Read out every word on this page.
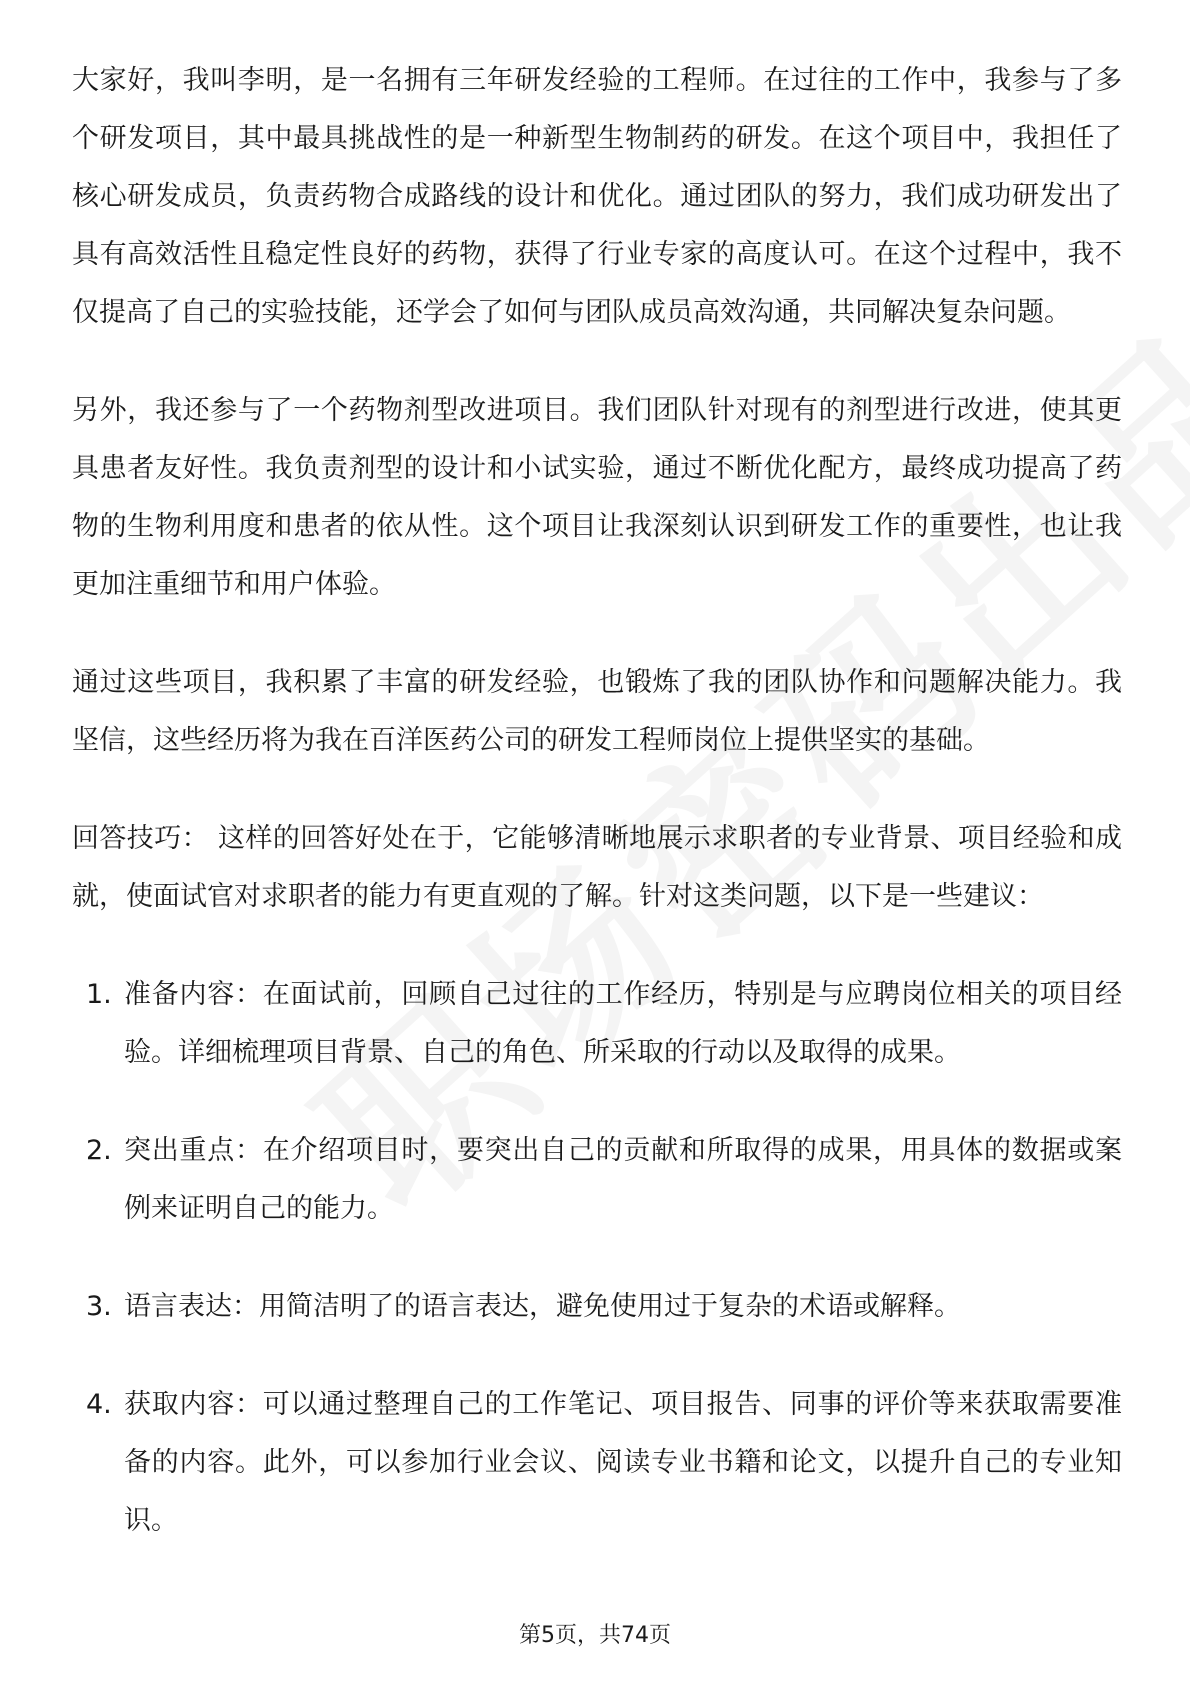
大家好，我叫李明，是一名拥有三年研发经验的工程师。在过往的工作中，我参与了多个研发项目，其中最具挑战性的是一种新型生物制药的研发。在这个项目中，我担任了核心研发成员，负责药物合成路线的设计和优化。通过团队的努力，我们成功研发出了具有高效活性且稳定性良好的药物，获得了行业专家的高度认可。在这个过程中，我不仅提高了自己的实验技能，还学会了如何与团队成员高效沟通，共同解决复杂问题。

另外，我还参与了一个药物剂型改进项目。我们团队针对现有的剂型进行改进，使其更具患者友好性。我负责剂型的设计和小试实验，通过不断优化配方，最终成功提高了药物的生物利用度和患者的依从性。这个项目让我深刻认识到研发工作的重要性，也让我更加注重细节和用户体验。

通过这些项目，我积累了丰富的研发经验，也锻炼了我的团队协作和问题解决能力。我坚信，这些经历将为我在百洋医药公司的研发工程师岗位上提供坚实的基础。

回答技巧： 这样的回答好处在于，它能够清晰地展示求职者的专业背景、项目经验和成就，使面试官对求职者的能力有更直观的了解。针对这类问题，以下是一些建议：

1. 准备内容：在面试前，回顾自己过往的工作经历，特别是与应聘岗位相关的项目经验。详细梳理项目背景、自己的角色、所采取的行动以及取得的成果。
2. 突出重点：在介绍项目时，要突出自己的贡献和所取得的成果，用具体的数据或案例来证明自己的能力。
3. 语言表达：用简洁明了的语言表达，避免使用过于复杂的术语或解释。
4. 获取内容：可以通过整理自己的工作笔记、项目报告、同事的评价等来获取需要准备的内容。此外，可以参加行业会议、阅读专业书籍和论文，以提升自己的专业知识。
第5页，共74页
